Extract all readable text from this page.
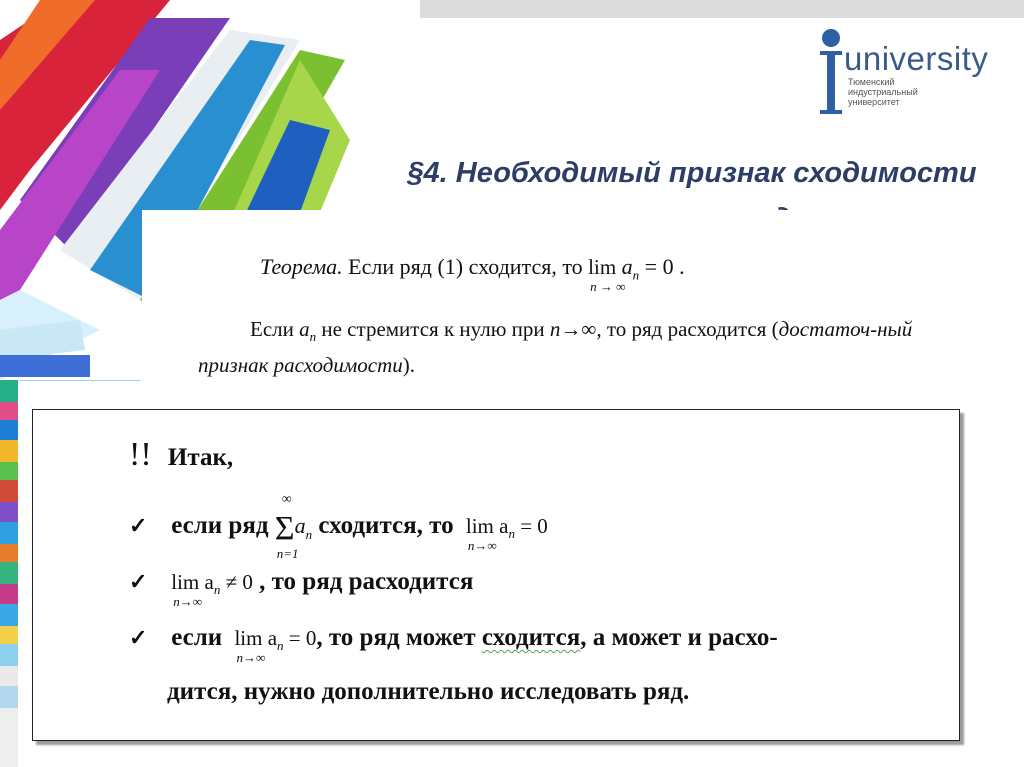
university
Тюменский
индустриальный
университет
§4. Необходимый признак сходимости
Теорема. Если ряд (1) сходится, то lim
n → ∞
$a_n = 0$ .
Если $a_n$ не стремится к нулю при n→∞, то ряд расходится (достаточ-ный признак расходимости).
!! Итак,
✓ если ряд Σ
∞
n=1
$a_n$ сходится, то $\lim a_n = 0$
n→∞
✓ $\lim a_n \ne 0$
n→∞
, то ряд расходится
✓ если $\lim a_n = 0$
n→∞
, то ряд может сходится, а может и расхо-
дится, нужно дополнительно исследовать ряд.
